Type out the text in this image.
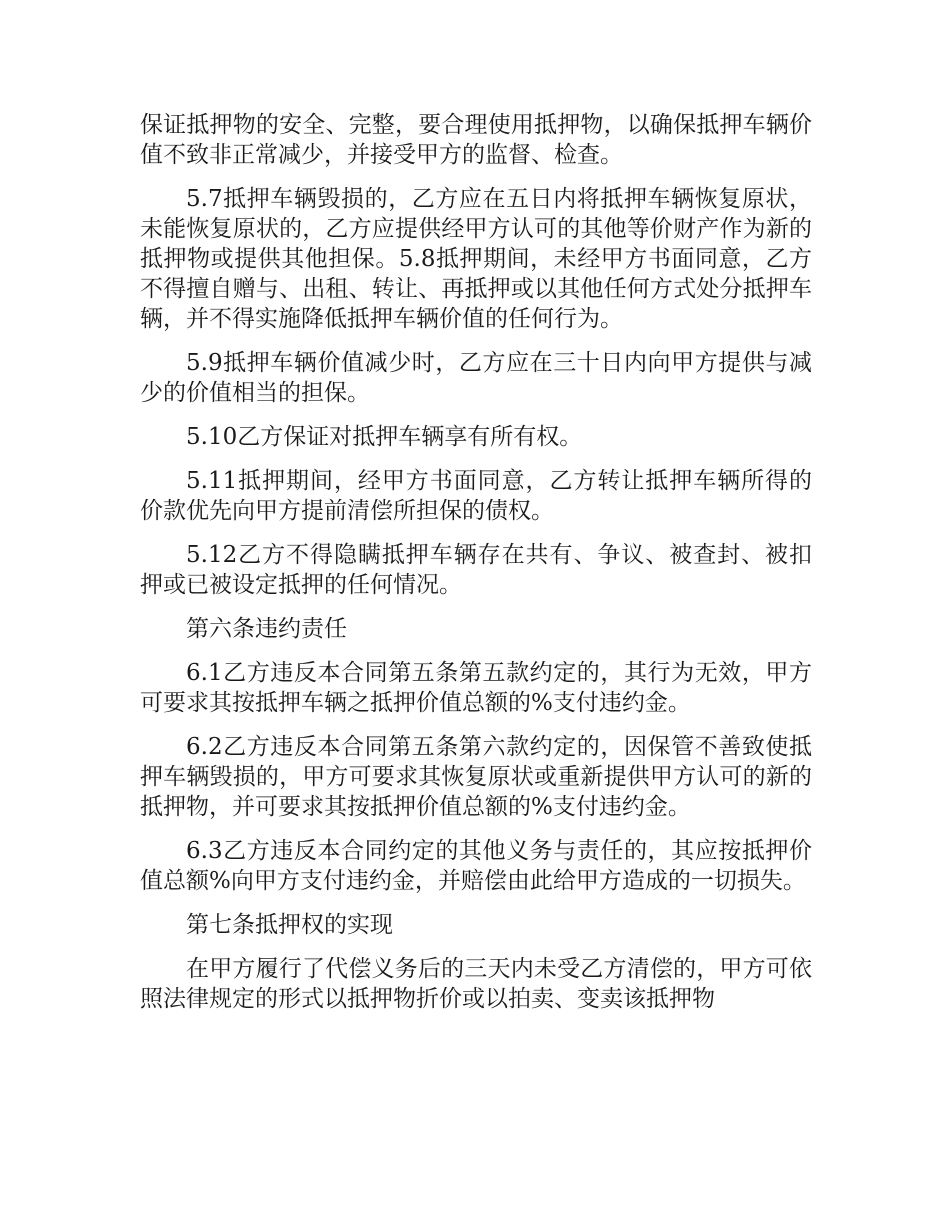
保证抵押物的安全、完整，要合理使用抵押物，以确保抵押车辆价值不致非正常减少，并接受甲方的监督、检查。

5.7抵押车辆毁损的，乙方应在五日内将抵押车辆恢复原状，未能恢复原状的，乙方应提供经甲方认可的其他等价财产作为新的抵押物或提供其他担保。5.8抵押期间，未经甲方书面同意，乙方不得擅自赠与、出租、转让、再抵押或以其他任何方式处分抵押车辆，并不得实施降低抵押车辆价值的任何行为。

5.9抵押车辆价值减少时，乙方应在三十日内向甲方提供与减少的价值相当的担保。

5.10乙方保证对抵押车辆享有所有权。

5.11抵押期间，经甲方书面同意，乙方转让抵押车辆所得的价款优先向甲方提前清偿所担保的债权。

5.12乙方不得隐瞒抵押车辆存在共有、争议、被查封、被扣押或已被设定抵押的任何情况。

第六条违约责任

6.1乙方违反本合同第五条第五款约定的，其行为无效，甲方可要求其按抵押车辆之抵押价值总额的%支付违约金。

6.2乙方违反本合同第五条第六款约定的，因保管不善致使抵押车辆毁损的，甲方可要求其恢复原状或重新提供甲方认可的新的抵押物，并可要求其按抵押价值总额的%支付违约金。

6.3乙方违反本合同约定的其他义务与责任的，其应按抵押价值总额%向甲方支付违约金，并赔偿由此给甲方造成的一切损失。

第七条抵押权的实现

在甲方履行了代偿义务后的三天内未受乙方清偿的，甲方可依照法律规定的形式以抵押物折价或以拍卖、变卖该抵押物
